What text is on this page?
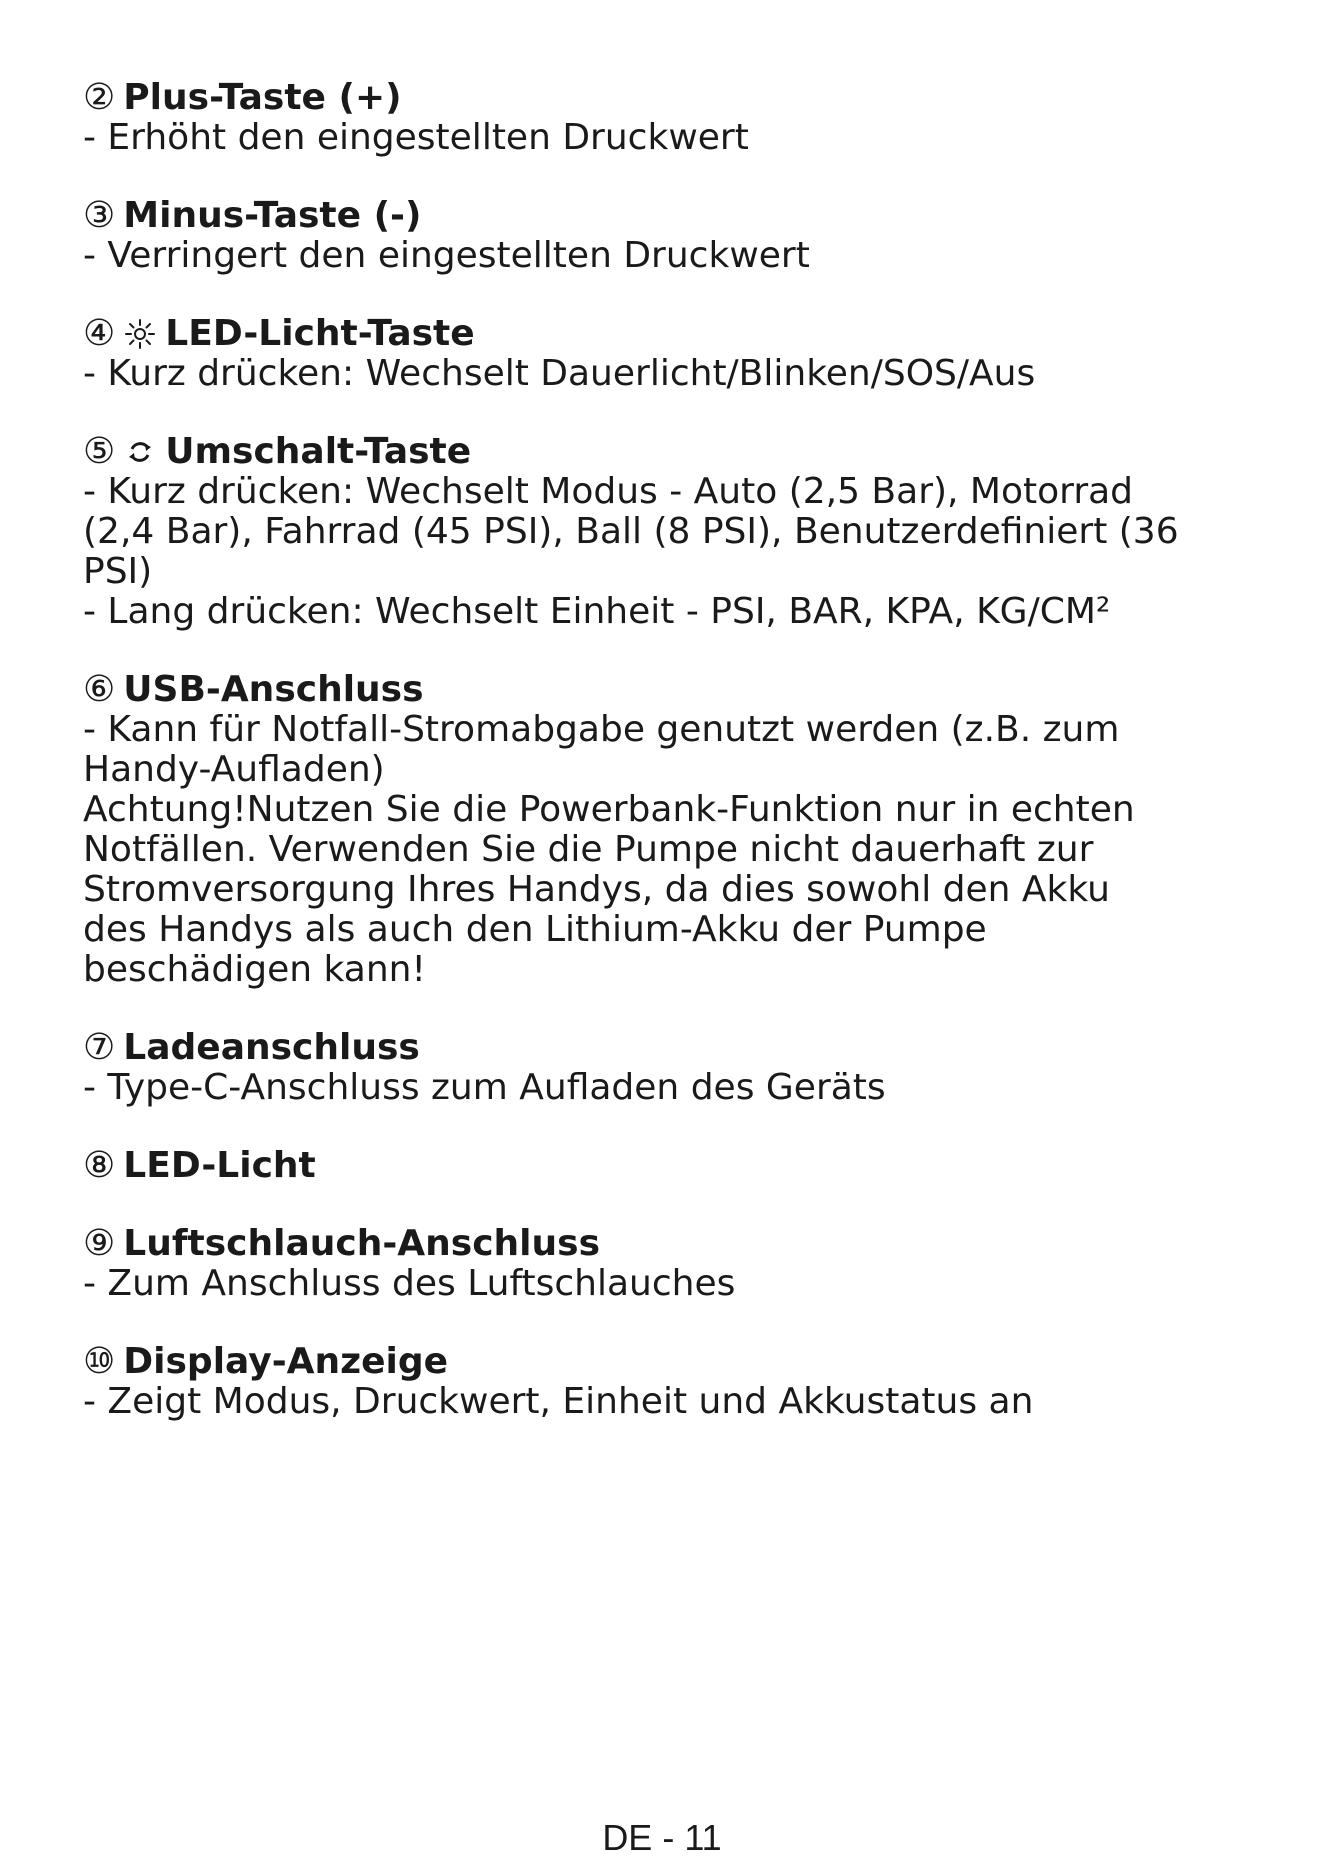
② Plus-Taste (+)
- Erhöht den eingestellten Druckwert
③ Minus-Taste (-)
- Verringert den eingestellten Druckwert
④ LED-Licht-Taste
- Kurz drücken: Wechselt Dauerlicht/Blinken/SOS/Aus
⑤ Umschalt-Taste
- Kurz drücken: Wechselt Modus - Auto (2,5 Bar), Motorrad
(2,4 Bar), Fahrrad (45 PSI), Ball (8 PSI), Benutzerdefiniert (36
PSI)
- Lang drücken: Wechselt Einheit - PSI, BAR, KPA, KG/CM²
⑥ USB-Anschluss
- Kann für Notfall-Stromabgabe genutzt werden (z.B. zum
Handy-Aufladen)
Achtung!Nutzen Sie die Powerbank-Funktion nur in echten
Notfällen. Verwenden Sie die Pumpe nicht dauerhaft zur
Stromversorgung Ihres Handys, da dies sowohl den Akku
des Handys als auch den Lithium-Akku der Pumpe
beschädigen kann!
⑦ Ladeanschluss
- Type-C-Anschluss zum Aufladen des Geräts
⑧ LED-Licht
⑨ Luftschlauch-Anschluss
- Zum Anschluss des Luftschlauches
⑩ Display-Anzeige
- Zeigt Modus, Druckwert, Einheit und Akkustatus an
DE - 11
